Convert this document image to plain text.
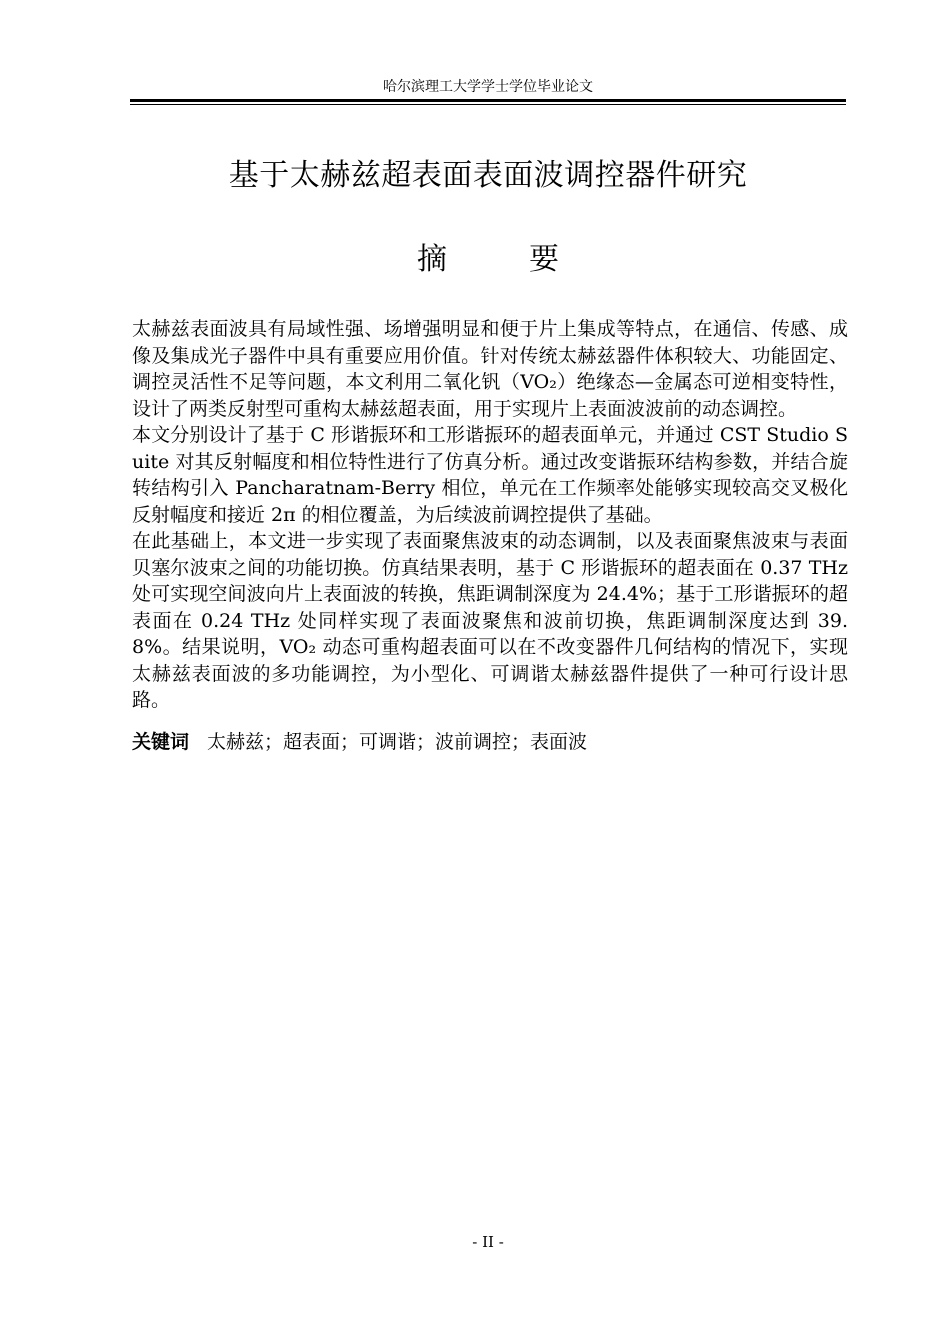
哈尔滨理工大学学士学位毕业论文
基于太赫兹超表面表面波调控器件研究
摘　要

太赫兹表面波具有局域性强、场增强明显和便于片上集成等特点，在通信、传感、成像及集成光子器件中具有重要应用价值。针对传统太赫兹器件体积较大、功能固定、调控灵活性不足等问题，本文利用二氧化钒（VO₂）绝缘态—金属态可逆相变特性，设计了两类反射型可重构太赫兹超表面，用于实现片上表面波波前的动态调控。

本文分别设计了基于 C 形谐振环和工形谐振环的超表面单元，并通过 CST Studio Suite 对其反射幅度和相位特性进行了仿真分析。通过改变谐振环结构参数，并结合旋转结构引入 Pancharatnam-Berry 相位，单元在工作频率处能够实现较高交叉极化反射幅度和接近 2π 的相位覆盖，为后续波前调控提供了基础。

在此基础上，本文进一步实现了表面聚焦波束的动态调制，以及表面聚焦波束与表面贝塞尔波束之间的功能切换。仿真结果表明，基于 C 形谐振环的超表面在 0.37 THz 处可实现空间波向片上表面波的转换，焦距调制深度为 24.4%；基于工形谐振环的超表面在 0.24 THz 处同样实现了表面波聚焦和波前切换，焦距调制深度达到 39.8%。结果说明，VO₂ 动态可重构超表面可以在不改变器件几何结构的情况下，实现太赫兹表面波的多功能调控，为小型化、可调谐太赫兹器件提供了一种可行设计思路。

关键词 太赫兹；超表面；可调谐；波前调控；表面波

- II -
